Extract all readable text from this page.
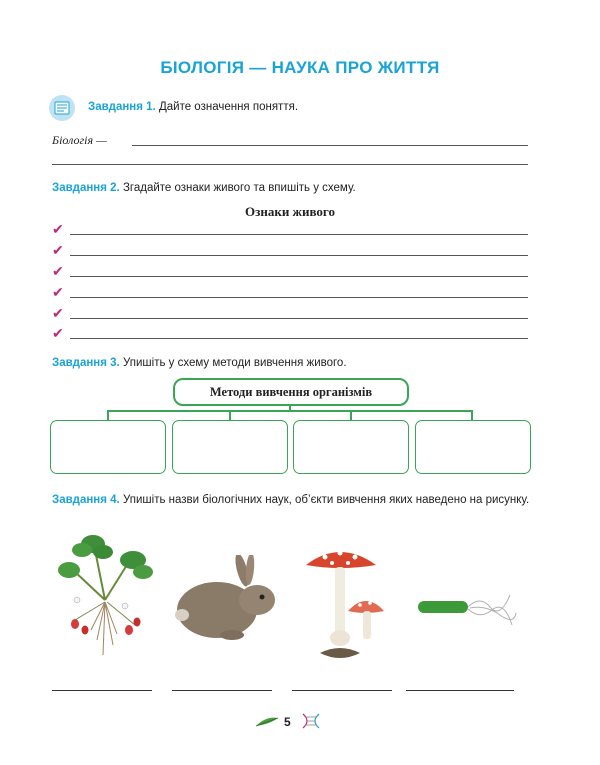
БІОЛОГІЯ — НАУКА ПРО ЖИТТЯ
Завдання 1. Дайте означення поняття.
Біологія —
Завдання 2. Згадайте ознаки живого та впишіть у схему.
Ознаки живого
✔
✔
✔
✔
✔
✔
Завдання 3. Упишіть у схему методи вивчення живого.
Методи вивчення організмів
Завдання 4. Упишіть назви біологічних наук, об’єкти вивчення яких наведено на рисунку.
5
